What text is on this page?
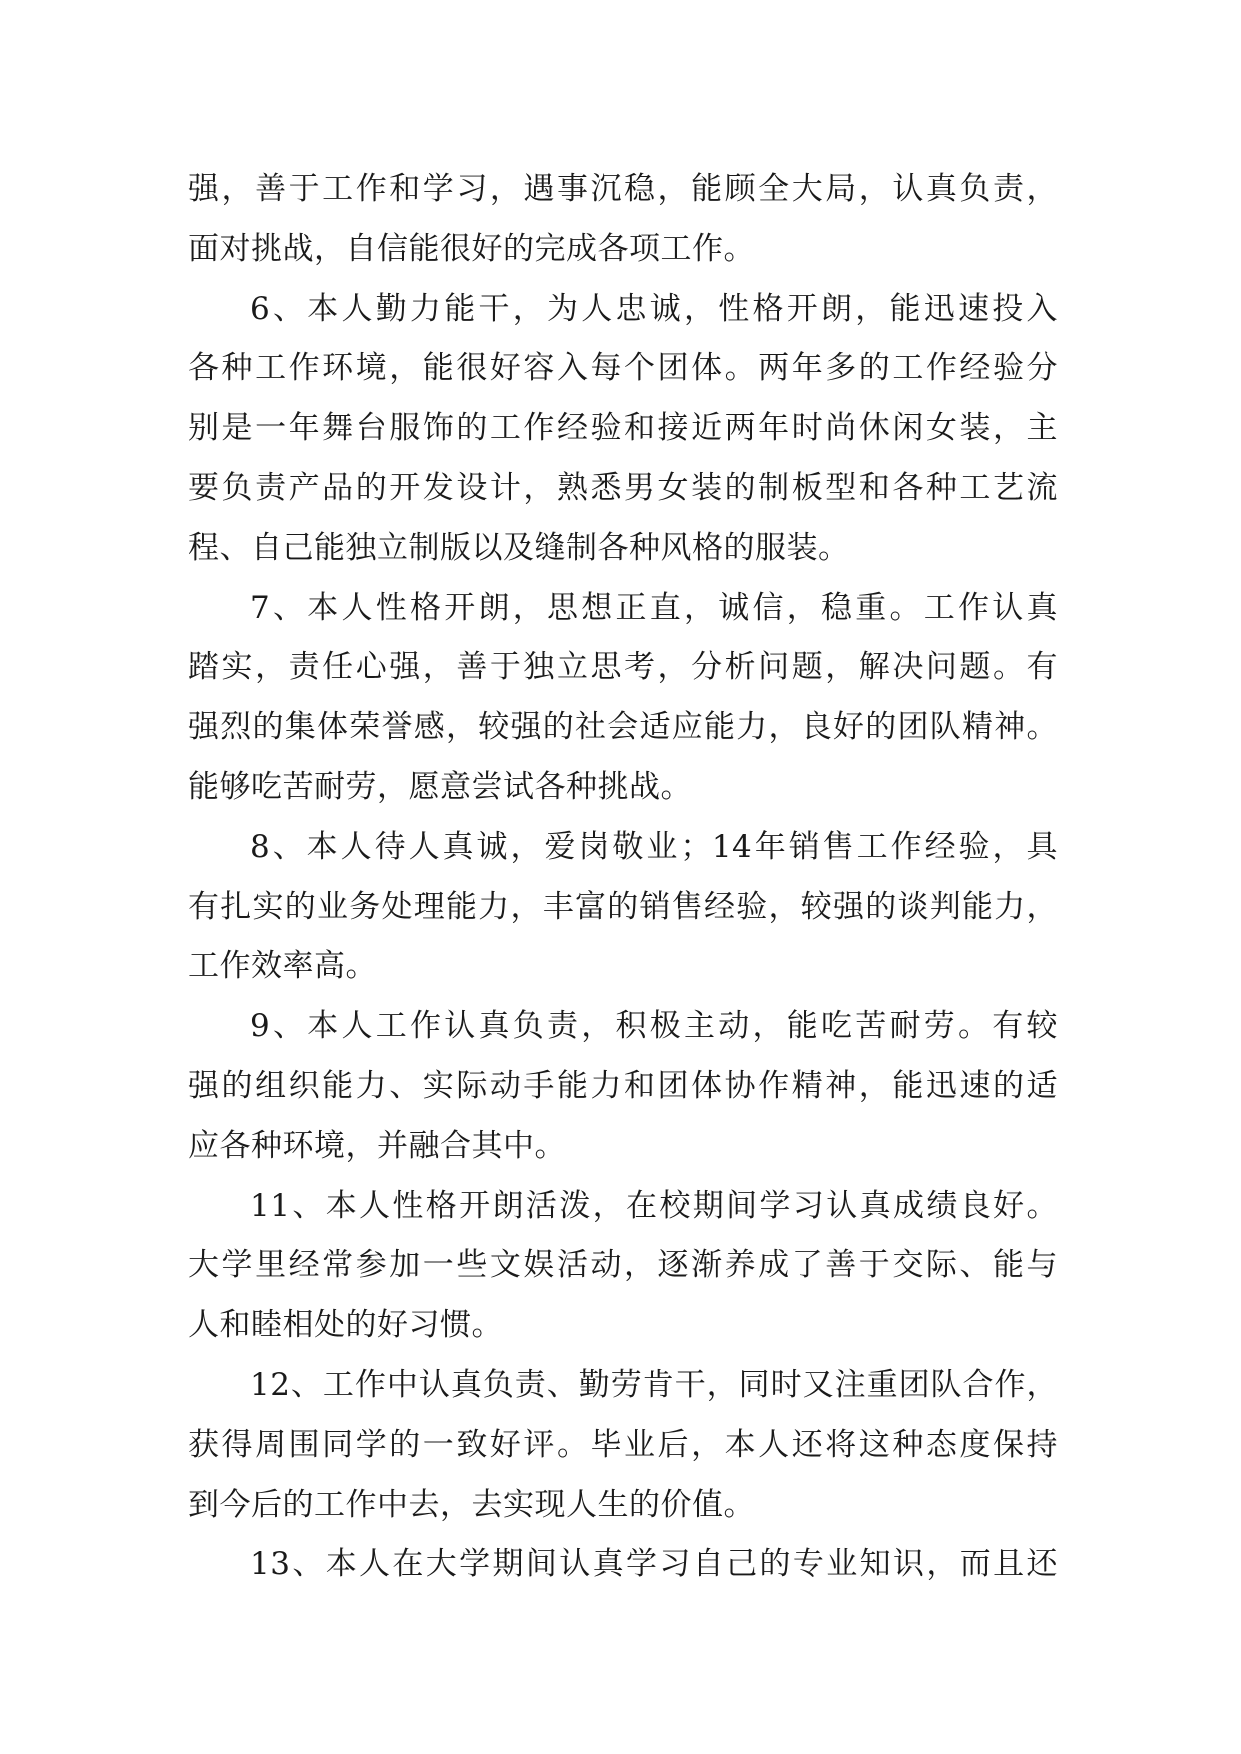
强，善于工作和学习，遇事沉稳，能顾全大局，认真负责，
面对挑战，自信能很好的完成各项工作。
6、本人勤力能干，为人忠诚，性格开朗，能迅速投入
各种工作环境，能很好容入每个团体。两年多的工作经验分
别是一年舞台服饰的工作经验和接近两年时尚休闲女装，主
要负责产品的开发设计，熟悉男女装的制板型和各种工艺流
程、自己能独立制版以及缝制各种风格的服装。
7、本人性格开朗，思想正直，诚信，稳重。工作认真
踏实，责任心强，善于独立思考，分析问题，解决问题。有
强烈的集体荣誉感，较强的社会适应能力，良好的团队精神。
能够吃苦耐劳，愿意尝试各种挑战。
8、本人待人真诚，爱岗敬业；14年销售工作经验，具
有扎实的业务处理能力，丰富的销售经验，较强的谈判能力，
工作效率高。
9、本人工作认真负责，积极主动，能吃苦耐劳。有较
强的组织能力、实际动手能力和团体协作精神，能迅速的适
应各种环境，并融合其中。
11、本人性格开朗活泼，在校期间学习认真成绩良好。
大学里经常参加一些文娱活动，逐渐养成了善于交际、能与
人和睦相处的好习惯。
12、工作中认真负责、勤劳肯干，同时又注重团队合作，
获得周围同学的一致好评。毕业后，本人还将这种态度保持
到今后的工作中去，去实现人生的价值。
13、本人在大学期间认真学习自己的专业知识，而且还
